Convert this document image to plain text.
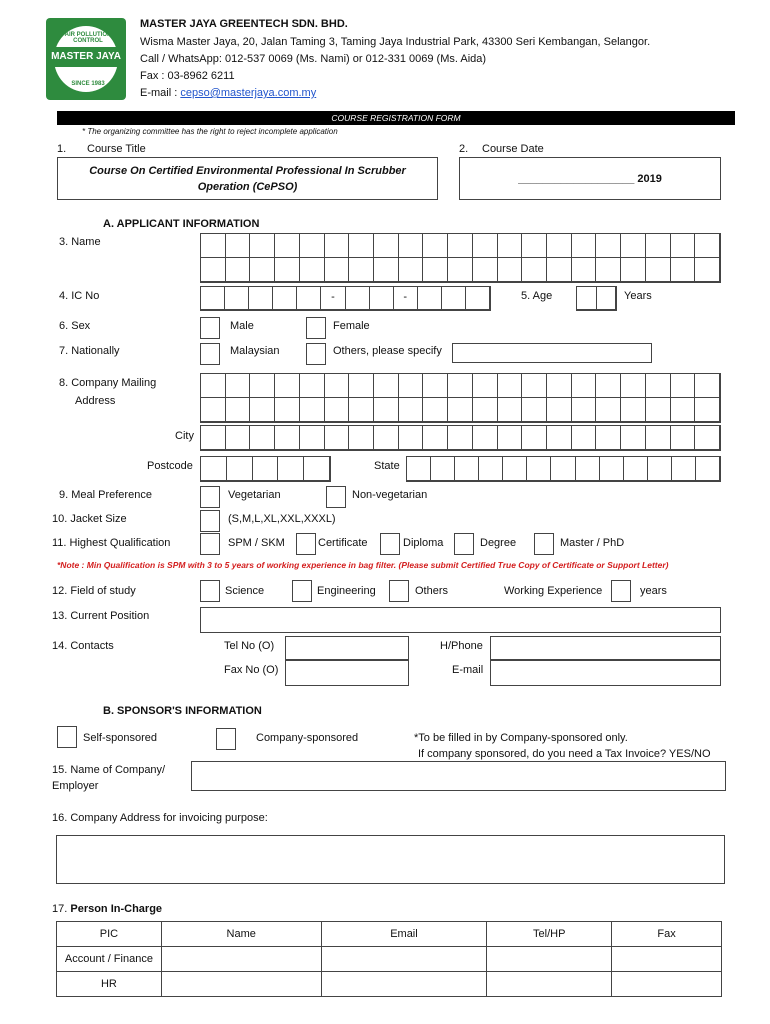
AIR POLLUTION CONTROL
SINCE 1983
MASTER JAYA
MASTER JAYA GREENTECH SDN. BHD.
Wisma Master Jaya, 20, Jalan Taming 3, Taming Jaya Industrial Park, 43300 Seri Kembangan, Selangor.
Call / WhatsApp: 012-537 0069 (Ms. Nami) or 012-331 0069 (Ms. Aida)
Fax : 03-8962 6211
E-mail : cepso@masterjaya.com.my
COURSE REGISTRATION FORM
* The organizing committee has the right to reject incomplete application
1. Course Title
Course On Certified Environmental Professional In Scrubber Operation (CePSO)
2. Course Date
___________________ 2019
A. APPLICANT INFORMATION
3. Name
4. IC No	-	-	5. Age	Years
6. Sex	Male	Female
7. Nationally	Malaysian	Others, please specify
8. Company Mailing
Address
City
Postcode	State
9. Meal Preference	Vegetarian	Non-vegetarian
10. Jacket Size	(S,M,L,XL,XXL,XXXL)
11. Highest Qualification	SPM / SKM	Certificate	Diploma	Degree	Master / PhD
*Note : Min Qualification is SPM with 3 to 5 years of working experience in bag filter. (Please submit Certified True Copy of Certificate or Support Letter)
12. Field of study	Science	Engineering	Others	Working Experience	years
13. Current Position
14. Contacts	Tel No (O)	H/Phone
Fax No (O)	E-mail
B. SPONSOR'S INFORMATION
Self-sponsored	Company-sponsored	*To be filled in by Company-sponsored only.
If company sponsored, do you need a Tax Invoice? YES/NO
15. Name of Company/
Employer
16. Company Address for invoicing purpose:
17. Person In-Charge
PIC	Name	Email	Tel/HP	Fax
Account / Finance				
HR				
